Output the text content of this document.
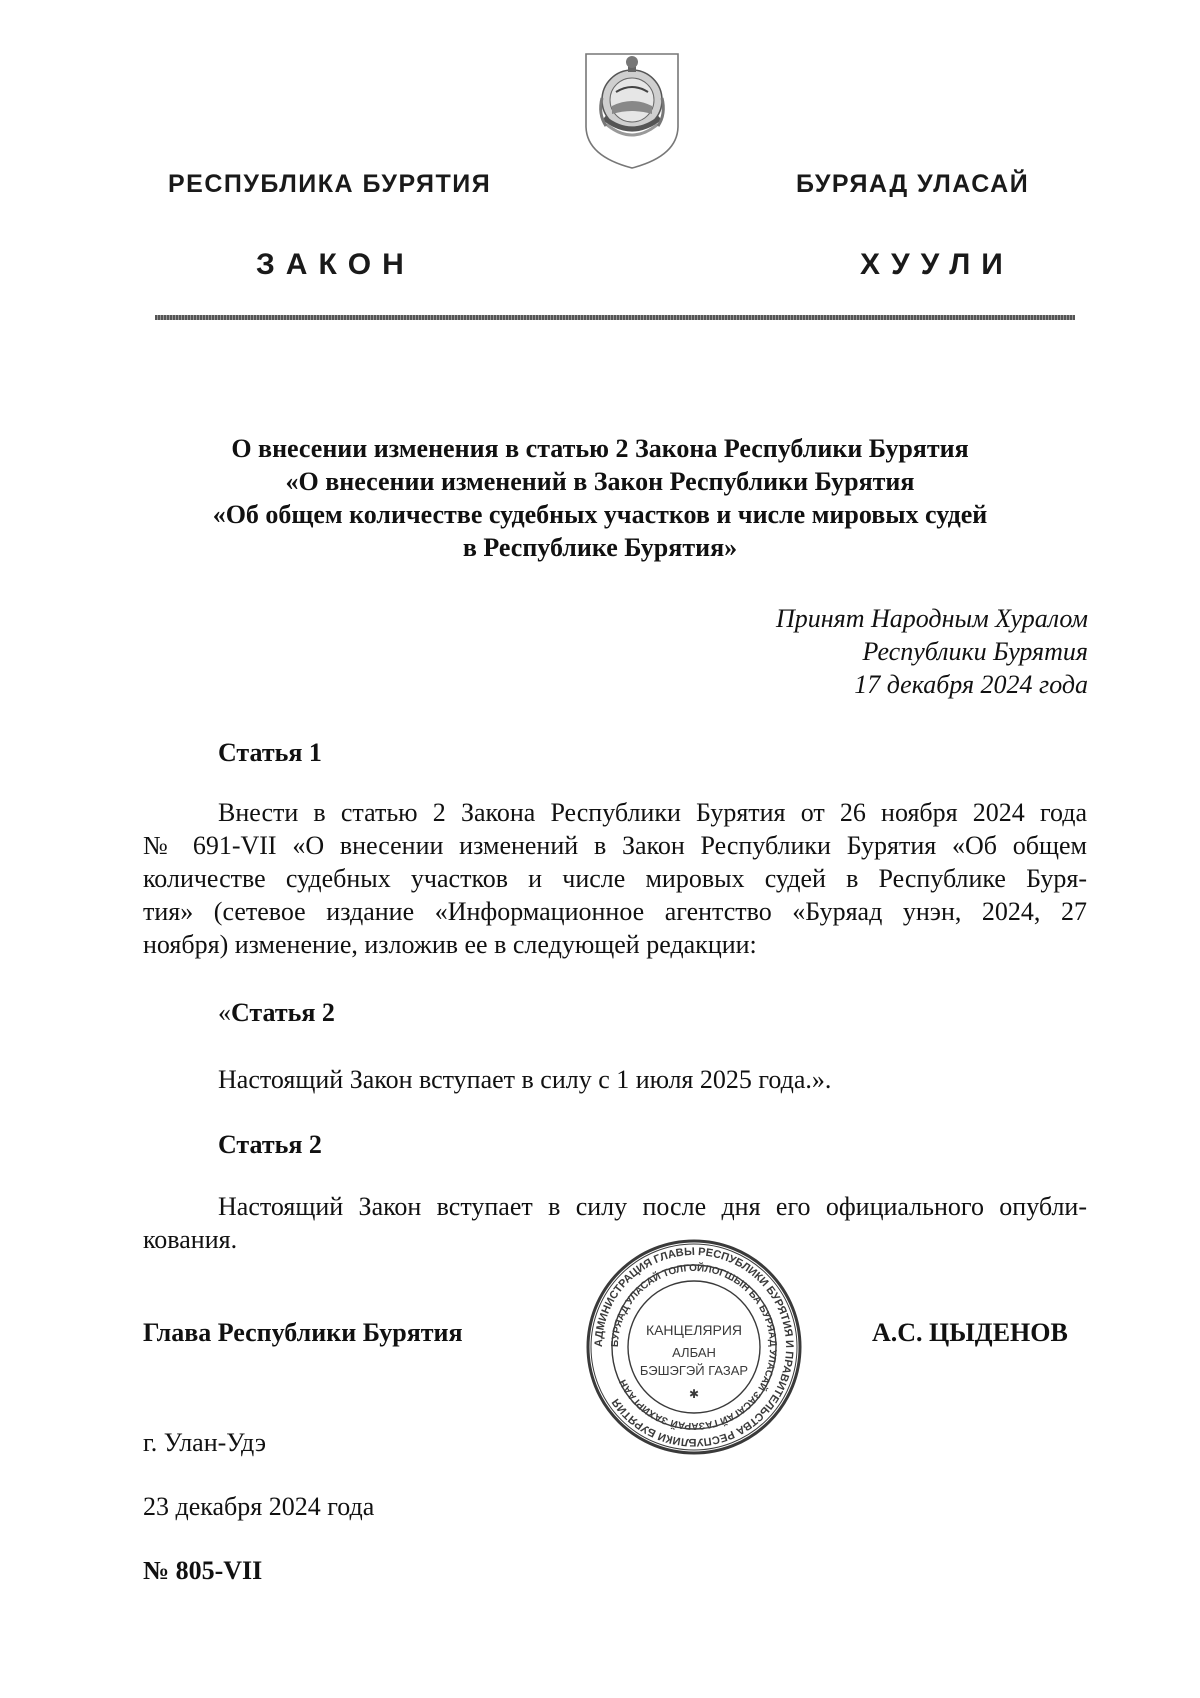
РЕСПУБЛИКА БУРЯТИЯ	БУРЯАД УЛАСАЙ
ЗАКОН	ХУУЛИ
О внесении изменения в статью 2 Закона Республики Бурятия
«О внесении изменений в Закон Республики Бурятия
«Об общем количестве судебных участков и числе мировых судей
в Республике Бурятия»
Принят Народным Хуралом
Республики Бурятия
17 декабря 2024 года
Статья 1
Внести в статью 2 Закона Республики Бурятия от 26 ноября 2024 года
№ 691-VII «О внесении изменений в Закон Республики Бурятия «Об общем
количестве судебных участков и числе мировых судей в Республике Буря-
тия» (сетевое издание «Информационное агентство «Буряад унэн, 2024, 27
ноября) изменение, изложив ее в следующей редакции:
«Статья 2
Настоящий Закон вступает в силу с 1 июля 2025 года.».
Статья 2
Настоящий Закон вступает в силу после дня его официального опубли-
кования.
АДМИНИСТРАЦИЯ ГЛАВЫ РЕСПУБЛИКИ БУРЯТИЯ И ПРАВИТЕЛЬСТВА РЕСПУБЛИКИ БУРЯТИЯ
БУРЯАД УЛАСАЙ ТОЛГОЙЛОГШЫН БА БУРЯАД УЛАСАЙ ЗАСАГАЙ ГАЗАРАЙ ЗАХИРГААН
КАНЦЕЛЯРИЯ
АЛБАН
БЭШЭГЭЙ ГАЗАР
✱
Глава Республики Бурятия	А.С. ЦЫДЕНОВ
г. Улан-Удэ
23 декабря 2024 года
№ 805-VII
